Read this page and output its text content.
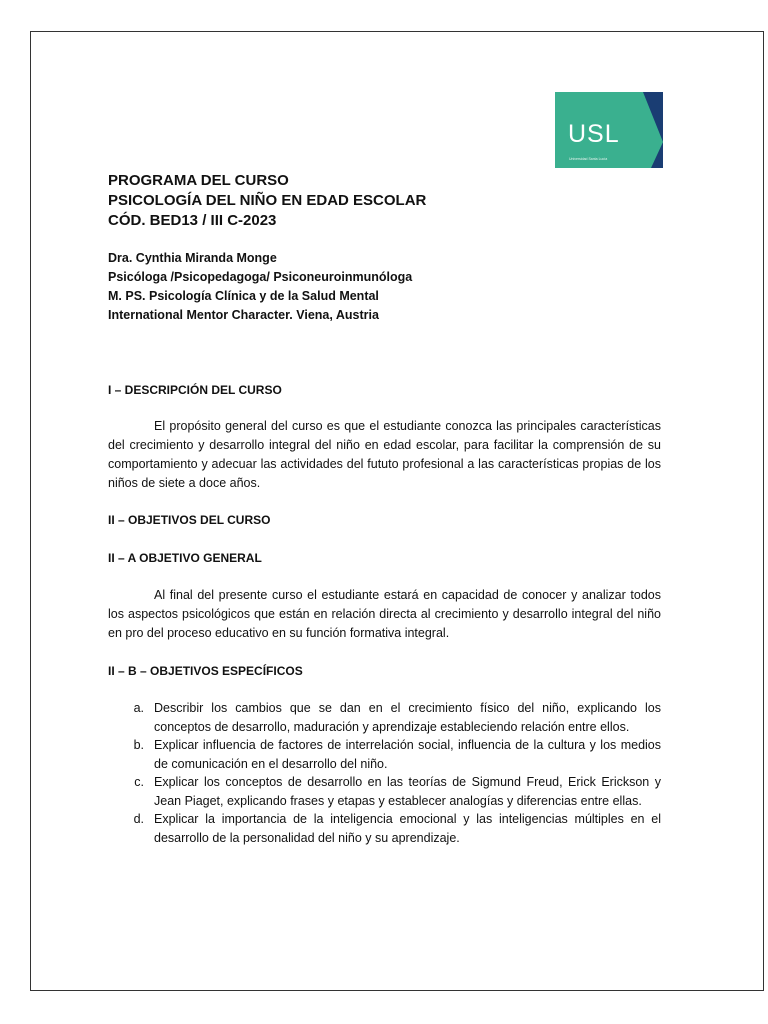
USL
Universidad Santa Lucía

PROGRAMA DEL CURSO

PSICOLOGÍA DEL NIÑO EN EDAD ESCOLAR

CÓD. BED13 / III C-2023

Dra. Cynthia Miranda Monge

Psicóloga /Psicopedagoga/ Psiconeuroinmunóloga

M. PS. Psicología Clínica y de la Salud Mental

International Mentor Character. Viena, Austria

I – DESCRIPCIÓN DEL CURSO

El propósito general del curso es que el estudiante conozca las principales características del crecimiento y desarrollo integral del niño en edad escolar, para facilitar la comprensión de su comportamiento y adecuar las actividades del fututo profesional a las características propias de los niños de siete a doce años.

II – OBJETIVOS DEL CURSO

II – A OBJETIVO GENERAL

Al final del presente curso el estudiante estará en capacidad de conocer y analizar todos los aspectos psicológicos que están en relación directa al crecimiento y desarrollo integral del niño en pro del proceso educativo en su función formativa integral.

II – B – OBJETIVOS ESPECÍFICOS

a. Describir los cambios que se dan en el crecimiento físico del niño, explicando los conceptos de desarrollo, maduración y aprendizaje estableciendo relación entre ellos.
b. Explicar influencia de factores de interrelación social, influencia de la cultura y los medios de comunicación en el desarrollo del niño.
c. Explicar los conceptos de desarrollo en las teorías de Sigmund Freud, Erick Erickson y Jean Piaget, explicando frases y etapas y establecer analogías y diferencias entre ellas.
d. Explicar la importancia de la inteligencia emocional y las inteligencias múltiples en el desarrollo de la personalidad del niño y su aprendizaje.
